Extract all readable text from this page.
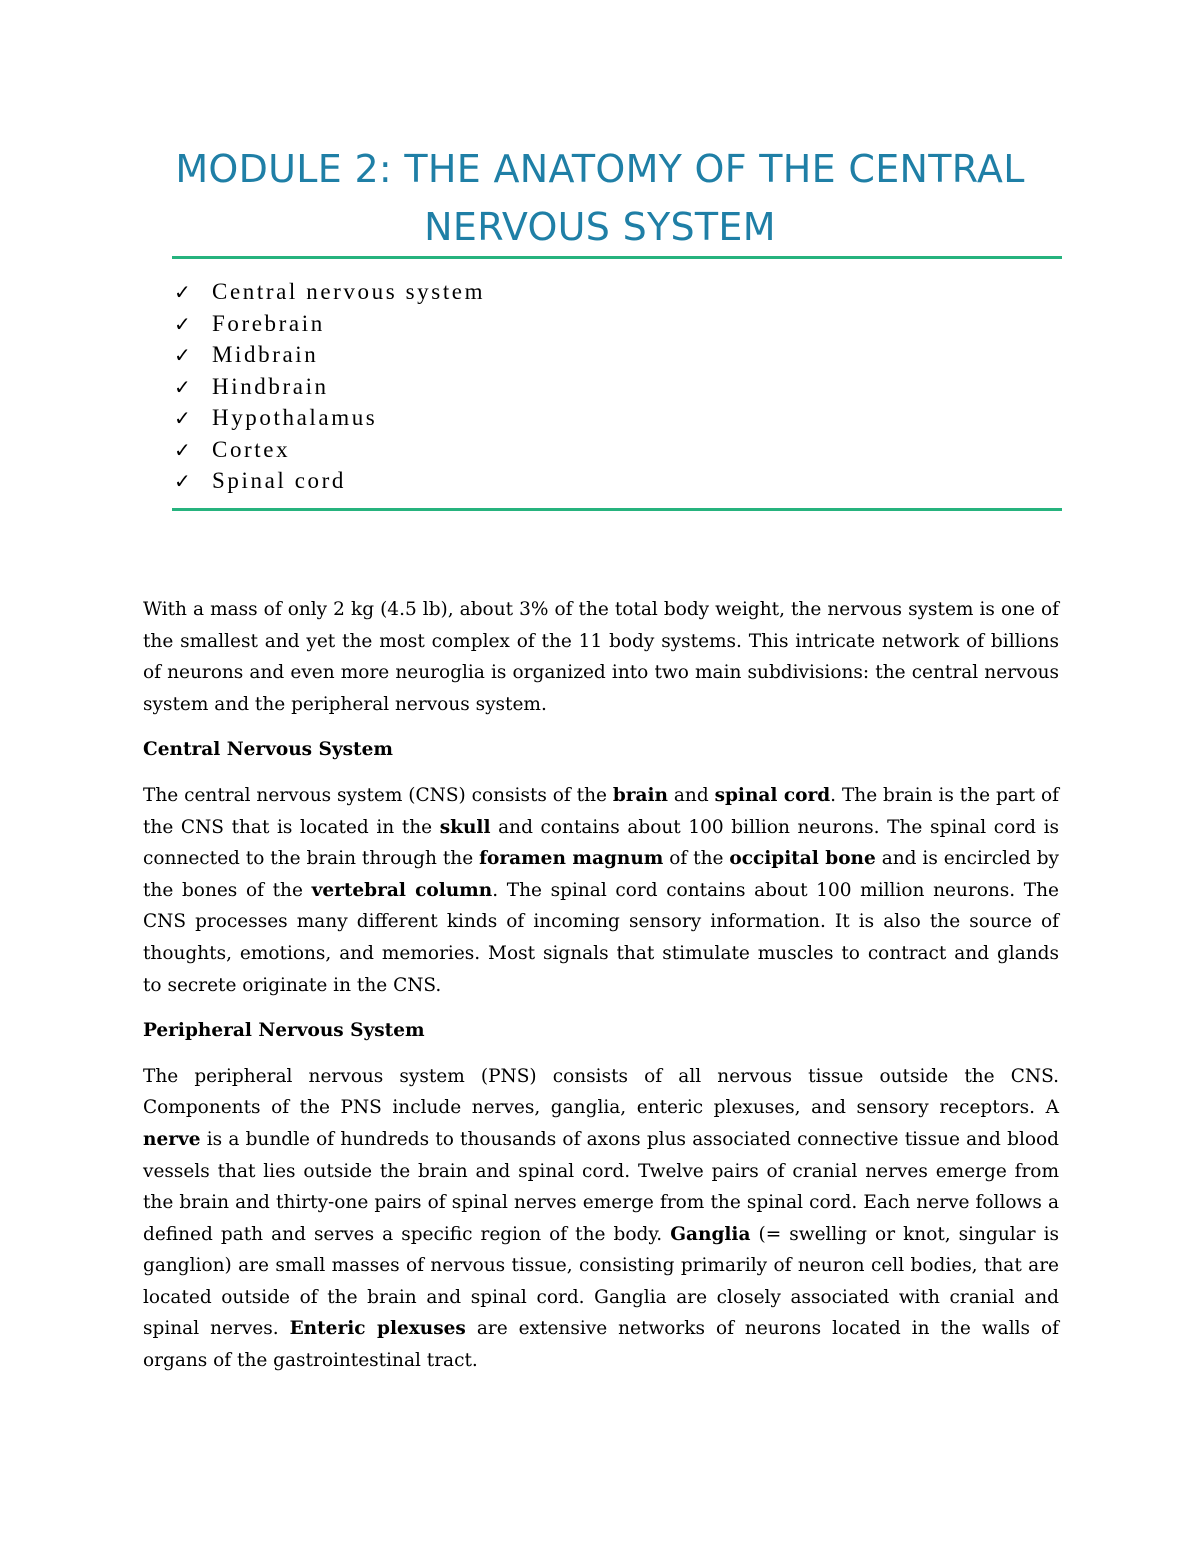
MODULE 2: THE ANATOMY OF THE CENTRAL
NERVOUS SYSTEM
✓ Central nervous system
✓ Forebrain
✓ Midbrain
✓ Hindbrain
✓ Hypothalamus
✓ Cortex
✓ Spinal cord

With a mass of only 2 kg (4.5 lb), about 3% of the total body weight, the nervous system is one of the smallest and yet the most complex of the 11 body systems. This intricate network of billions of neurons and even more neuroglia is organized into two main subdivisions: the central nervous system and the peripheral nervous system.

Central Nervous System

The central nervous system (CNS) consists of the brain and spinal cord. The brain is the part of the CNS that is located in the skull and contains about 100 billion neurons. The spinal cord is connected to the brain through the foramen magnum of the occipital bone and is encircled by the bones of the vertebral column. The spinal cord contains about 100 million neurons. The CNS processes many different kinds of incoming sensory information. It is also the source of thoughts, emotions, and memories. Most signals that stimulate muscles to contract and glands to secrete originate in the CNS.

Peripheral Nervous System

The peripheral nervous system (PNS) consists of all nervous tissue outside the CNS. Components of the PNS include nerves, ganglia, enteric plexuses, and sensory receptors. A nerve is a bundle of hundreds to thousands of axons plus associated connective tissue and blood vessels that lies outside the brain and spinal cord. Twelve pairs of cranial nerves emerge from the brain and thirty-one pairs of spinal nerves emerge from the spinal cord. Each nerve follows a defined path and serves a specific region of the body. Ganglia (= swelling or knot, singular is ganglion) are small masses of nervous tissue, consisting primarily of neuron cell bodies, that are located outside of the brain and spinal cord. Ganglia are closely associated with cranial and spinal nerves. Enteric plexuses are extensive networks of neurons located in the walls of organs of the gastrointestinal tract.
